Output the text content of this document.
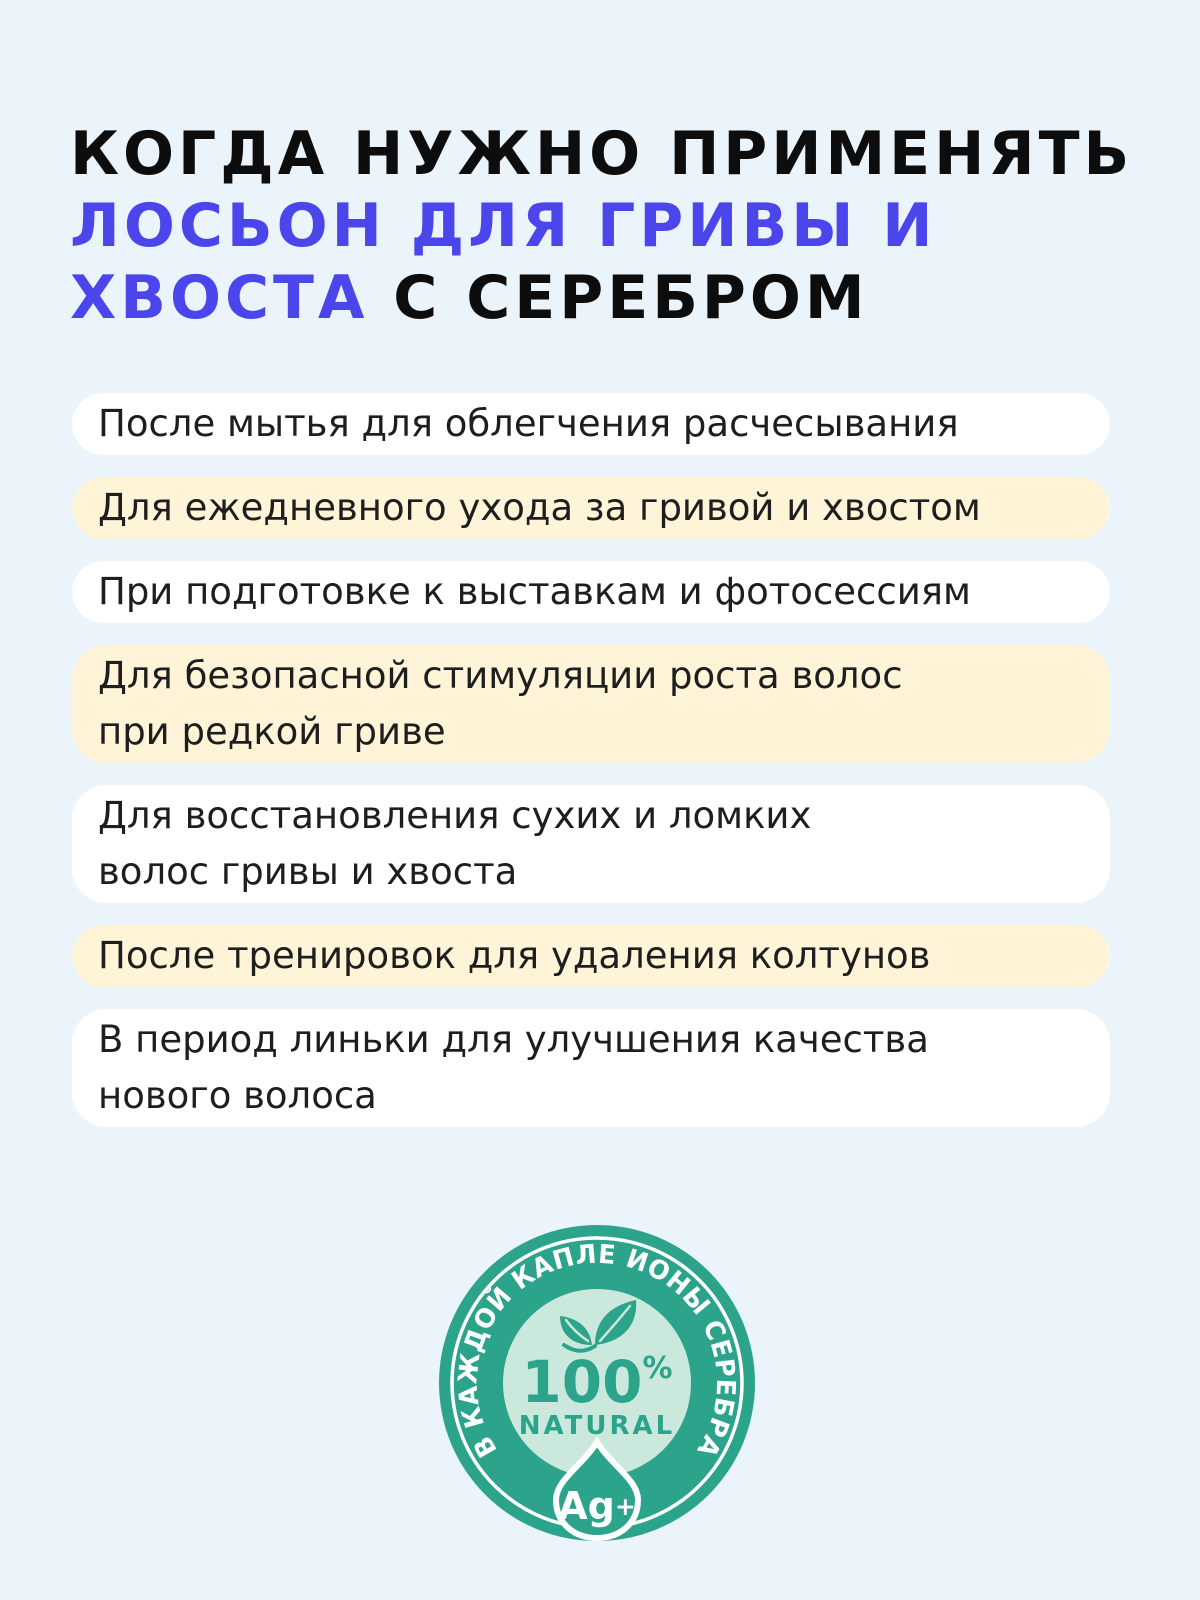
КОГДА НУЖНО ПРИМЕНЯТЬ
ЛОСЬОН ДЛЯ ГРИВЫ И
ХВОСТА С СЕРЕБРОМ
После мытья для облегчения расчесывания
Для ежедневного ухода за гривой и хвостом
При подготовке к выставкам и фотосессиям
Для безопасной стимуляции роста волос
при редкой гриве
Для восстановления сухих и ломких
волос гривы и хвоста
После тренировок для удаления колтунов
В период линьки для улучшения качества
нового волоса
В КАЖДОЙ КАПЛЕ ИОНЫ СЕРЕБРА
100%
NATURAL
Ag+
